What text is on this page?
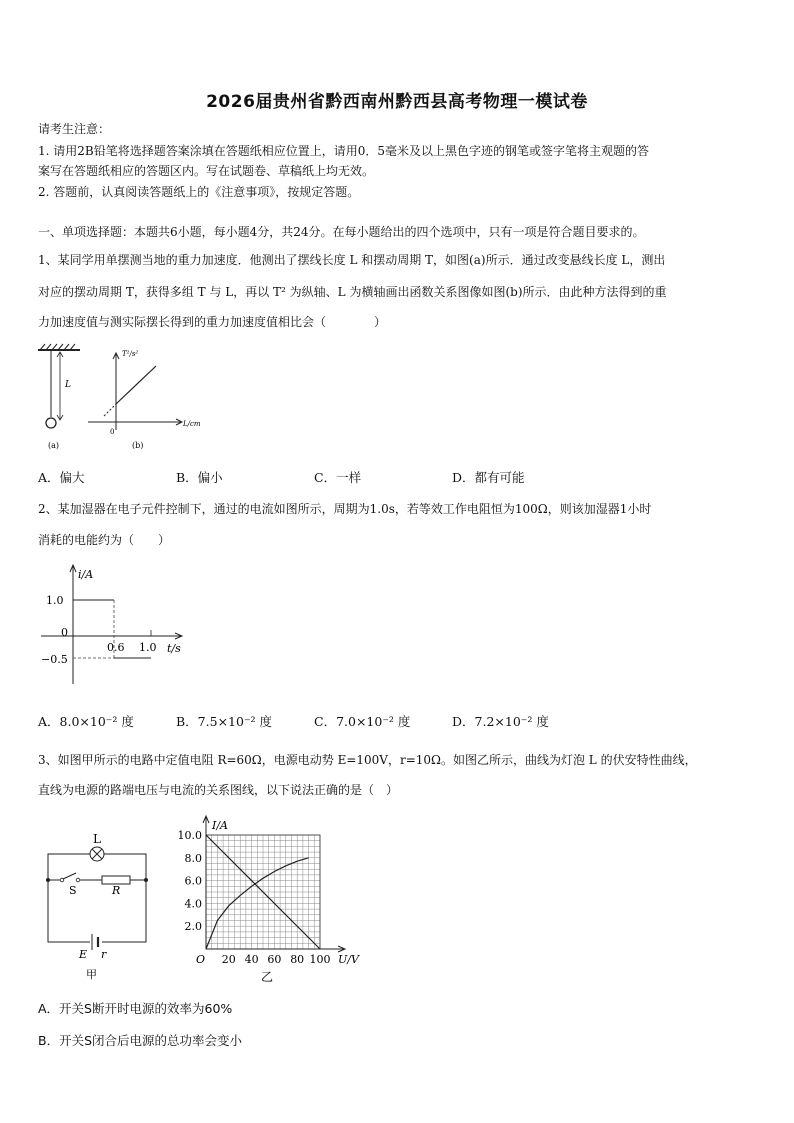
2026届贵州省黔西南州黔西县高考物理一模试卷
请考生注意：
1. 请用2B铅笔将选择题答案涂填在答题纸相应位置上，请用0．5毫米及以上黑色字迹的钢笔或签字笔将主观题的答
案写在答题纸相应的答题区内。写在试题卷、草稿纸上均无效。
2. 答题前，认真阅读答题纸上的《注意事项》，按规定答题。
一、单项选择题：本题共6小题，每小题4分，共24分。在每小题给出的四个选项中，只有一项是符合题目要求的。
1、某同学用单摆测当地的重力加速度．他测出了摆线长度 L 和摆动周期 T，如图(a)所示．通过改变悬线长度 L，测出
对应的摆动周期 T，获得多组 T 与 L，再以 T² 为纵轴、L 为横轴画出函数关系图像如图(b)所示．由此种方法得到的重
力加速度值与测实际摆长得到的重力加速度值相比会（　　　　）
L
(a)
T²/s²
L/cm
0
(b)
A．偏大	B．偏小	C．一样	D．都有可能
2、某加湿器在电子元件控制下，通过的电流如图所示，周期为1.0s，若等效工作电阻恒为100Ω，则该加湿器1小时
消耗的电能约为（　　）
i/A
1.0
0
−0.5
0.6 1.0 t/s
A．8.0×10⁻² 度	B．7.5×10⁻² 度	C．7.0×10⁻² 度	D．7.2×10⁻² 度
3、如图甲所示的电路中定值电阻 R=60Ω，电源电动势 E=100V，r=10Ω。如图乙所示，曲线为灯泡 L 的伏安特性曲线，
直线为电源的路端电压与电流的关系图线，以下说法正确的是（　）
L
S	R
E r
甲
10.0
8.0
6.0
4.0
2.0
20 40 60 80 100
O
I/A
U/V
乙
A．开关S断开时电源的效率为60%
B．开关S闭合后电源的总功率会变小
